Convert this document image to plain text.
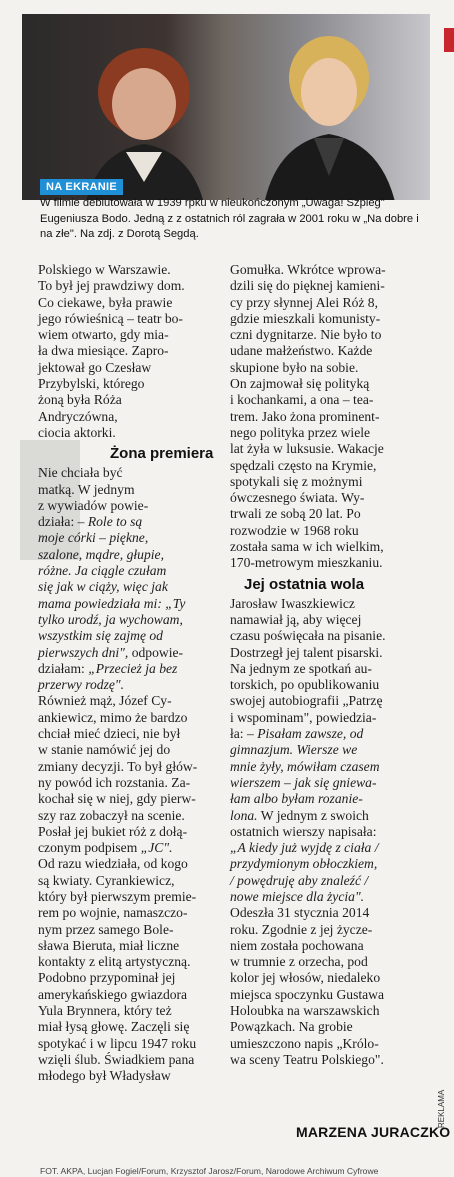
NA EKRANIE
W filmie debiutowała w 1939 rpku w nieukończonym „Uwaga! Szpieg" Eugeniusza Bodo. Jedną z z ostatnich ról zagrała w 2001 roku w „Na dobre i na złe". Na zdj. z Dorotą Segdą.

Polskiego w Warszawie.
To był jej prawdziwy dom.
Co ciekawe, była prawie
jego rówieśnicą – teatr bo-
wiem otwarto, gdy mia-
ła dwa miesiące. Zapro-
jektował go Czesław
Przybylski, którego
żoną była Róża
Andryczówna,
ciocia aktorki.

Żona premiera

Nie chciała być
matką. W jednym
z wywiadów powie-
działa: – Role to są
moje córki – piękne,
szalone, mądre, głupie,
różne. Ja ciągle czułam
się jak w ciąży, więc jak
mama powiedziała mi: „Ty
tylko urodź, ja wychowam,
wszystkim się zajmę od
pierwszych dni", odpowie-
działam: „Przecież ja bez
przerwy rodzę".

Również mąż, Józef Cy-
ankiewicz, mimo że bardzo
chciał mieć dzieci, nie był
w stanie namówić jej do
zmiany decyzji. To był głów-
ny powód ich rozstania. Za-
kochał się w niej, gdy pierw-
szy raz zobaczył na scenie.
Posłał jej bukiet róż z dołą-
czonym podpisem „JC".

Od razu wiedziała, od kogo
są kwiaty. Cyrankiewicz,
który był pierwszym premie-
rem po wojnie, namaszczo-
nym przez samego Bole-
sława Bieruta, miał liczne
kontakty z elitą artystyczną.
Podobno przypominał jej
amerykańskiego gwiazdora
Yula Brynnera, który też
miał łysą głowę. Zaczęli się
spotykać i w lipcu 1947 roku
wzięli ślub. Świadkiem pana
młodego był Władysław

Gomułka. Wkrótce wprowa-
dzili się do pięknej kamieni-
cy przy słynnej Alei Róż 8,
gdzie mieszkali komunisty-
czni dygnitarze. Nie było to
udane małżeństwo. Każde
skupione było na sobie.
On zajmował się polityką
i kochankami, a ona – tea-
trem. Jako żona prominent-
nego polityka przez wiele
lat żyła w luksusie. Wakacje
spędzali często na Krymie,
spotykali się z możnymi
ówczesnego świata. Wy-
trwali ze sobą 20 lat. Po
rozwodzie w 1968 roku
została sama w ich wielkim,
170-metrowym mieszkaniu.

Jej ostatnia wola

Jarosław Iwaszkiewicz
namawiał ją, aby więcej
czasu poświęcała na pisanie.
Dostrzegł jej talent pisarski.
Na jednym ze spotkań au-
torskich, po opublikowaniu
swojej autobiografii „Patrzę
i wspominam", powiedzia-
ła: – Pisałam zawsze, od
gimnazjum. Wiersze we
mnie żyły, mówiłam czasem
wierszem – jak się gniewa-
łam albo byłam rozanie-
lona. W jednym z swoich
ostatnich wierszy napisała:
„A kiedy już wyjdę z ciała /
przydymionym obłoczkiem,
/ powędruję aby znaleźć /
nowe miejsce dla życia".

Odeszła 31 stycznia 2014
roku. Zgodnie z jej życze-
niem została pochowana
w trumnie z orzecha, pod
kolor jej włosów, niedaleko
miejsca spoczynku Gustawa
Holoubka na warszawskich
Powązkach. Na grobie
umieszczono napis „Królo-
wa sceny Teatru Polskiego".

MARZENA JURACZKO
REKLAMA
FOT. AKPA, Lucjan Fogiel/Forum, Krzysztof Jarosz/Forum, Narodowe Archiwum Cyfrowe
